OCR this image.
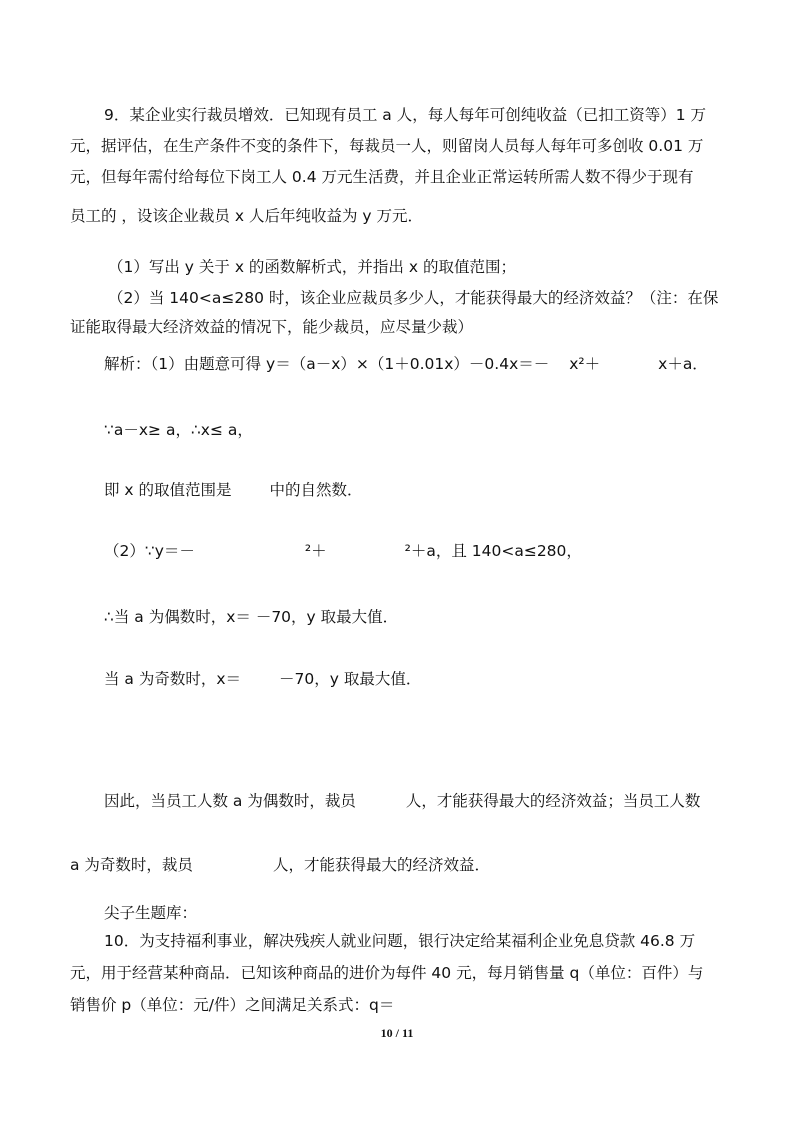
9．某企业实行裁员增效．已知现有员工 a 人，每人每年可创纯收益（已扣工资等）1 万

元，据评估，在生产条件不变的条件下，每裁员一人，则留岗人员每人每年可多创收 0.01 万

元，但每年需付给每位下岗工人 0.4 万元生活费，并且企业正常运转所需人数不得少于现有

员工的 ，设该企业裁员 x 人后年纯收益为 y 万元．

（1）写出 y 关于 x 的函数解析式，并指出 x 的取值范围；

（2）当 140<a≤280 时，该企业应裁员多少人，才能获得最大的经济效益？（注：在保

证能取得最大经济效益的情况下，能少裁员，应尽量少裁）

解析：（1）由题意可得 y＝（a－x）×（1＋0.01x）－0.4x＝－ x²＋	x＋a．

∵a－x≥ a，∴x≤ a，

即 x 的取值范围是 中的自然数．

（2）∵y＝－	²＋	²＋a，且 140<a≤280，

∴当 a 为偶数时，x＝ －70，y 取最大值．

当 a 为奇数时，x＝ －70，y 取最大值．

因此，当员工人数 a 为偶数时，裁员	人，才能获得最大的经济效益；当员工人数

a 为奇数时，裁员	人，才能获得最大的经济效益．

尖子生题库：

10．为支持福利事业，解决残疾人就业问题，银行决定给某福利企业免息贷款 46.8 万

元，用于经营某种商品．已知该种商品的进价为每件 40 元，每月销售量 q（单位：百件）与

销售价 p（单位：元/件）之间满足关系式：q＝

10 / 11
